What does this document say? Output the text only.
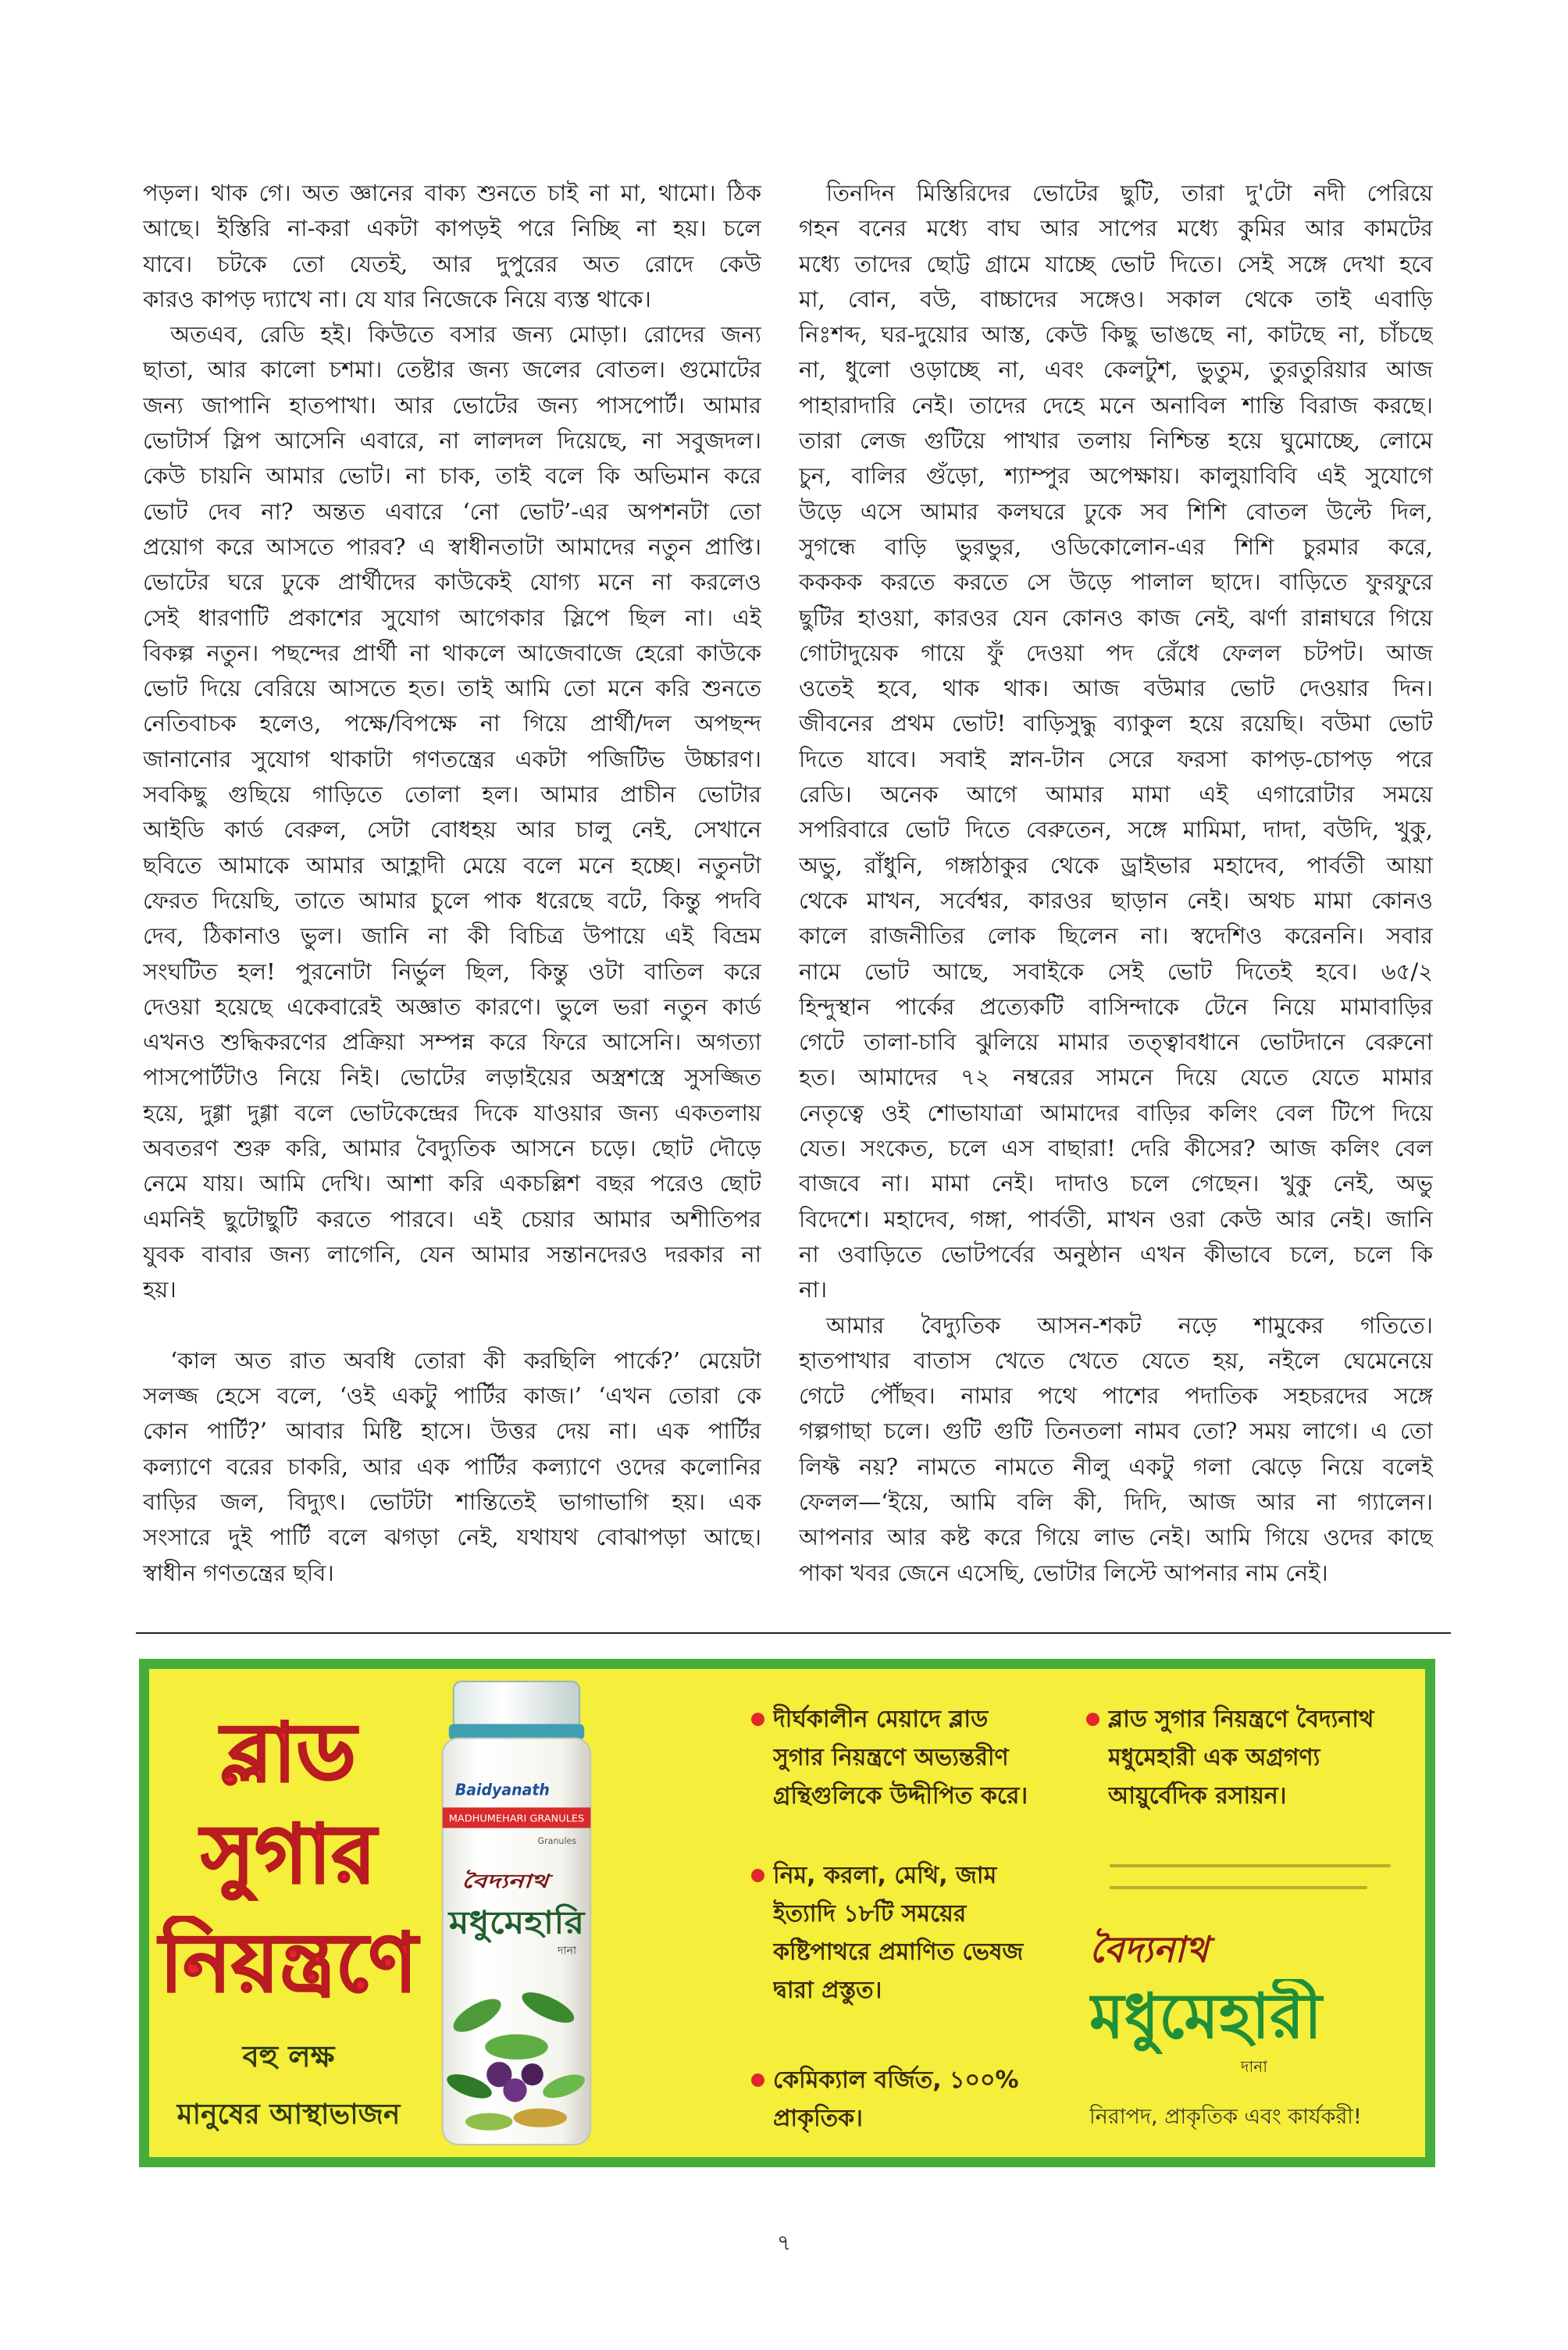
পড়ল। থাক গে। অত জ্ঞানের বাক্য শুনতে চাই না মা, থামো। ঠিক
আছে। ইস্তিরি না-করা একটা কাপড়ই পরে নিচ্ছি না হয়। চলে
যাবে। চটকে তো যেতই, আর দুপুরের অত রোদে কেউ
কারও কাপড় দ্যাখে না। যে যার নিজেকে নিয়ে ব্যস্ত থাকে।
অতএব, রেডি হই। কিউতে বসার জন্য মোড়া। রোদের জন্য
ছাতা, আর কালো চশমা। তেষ্টার জন্য জলের বোতল। গুমোটের
জন্য জাপানি হাতপাখা। আর ভোটের জন্য পাসপোর্ট। আমার
ভোটার্স স্লিপ আসেনি এবারে, না লালদল দিয়েছে, না সবুজদল।
কেউ চায়নি আমার ভোট। না চাক, তাই বলে কি অভিমান করে
ভোট দেব না? অন্তত এবারে ‘নো ভোট’-এর অপশনটা তো
প্রয়োগ করে আসতে পারব? এ স্বাধীনতাটা আমাদের নতুন প্রাপ্তি।
ভোটের ঘরে ঢুকে প্রার্থীদের কাউকেই যোগ্য মনে না করলেও
সেই ধারণাটি প্রকাশের সুযোগ আগেকার স্লিপে ছিল না। এই
বিকল্প নতুন। পছন্দের প্রার্থী না থাকলে আজেবাজে হেরো কাউকে
ভোট দিয়ে বেরিয়ে আসতে হত। তাই আমি তো মনে করি শুনতে
নেতিবাচক হলেও, পক্ষে/বিপক্ষে না গিয়ে প্রার্থী/দল অপছন্দ
জানানোর সুযোগ থাকাটা গণতন্ত্রের একটা পজিটিভ উচ্চারণ।
সবকিছু গুছিয়ে গাড়িতে তোলা হল। আমার প্রাচীন ভোটার
আইডি কার্ড বেরুল, সেটা বোধহয় আর চালু নেই, সেখানে
ছবিতে আমাকে আমার আহ্লাদী মেয়ে বলে মনে হচ্ছে। নতুনটা
ফেরত দিয়েছি, তাতে আমার চুলে পাক ধরেছে বটে, কিন্তু পদবি
দেব, ঠিকানাও ভুল। জানি না কী বিচিত্র উপায়ে এই বিভ্রম
সংঘটিত হল! পুরনোটা নির্ভুল ছিল, কিন্তু ওটা বাতিল করে
দেওয়া হয়েছে একেবারেই অজ্ঞাত কারণে। ভুলে ভরা নতুন কার্ড
এখনও শুদ্ধিকরণের প্রক্রিয়া সম্পন্ন করে ফিরে আসেনি। অগত্যা
পাসপোর্টটাও নিয়ে নিই। ভোটের লড়াইয়ের অস্ত্রশস্ত্রে সুসজ্জিত
হয়ে, দুগ্গা দুগ্গা বলে ভোটকেন্দ্রের দিকে যাওয়ার জন্য একতলায়
অবতরণ শুরু করি, আমার বৈদ্যুতিক আসনে চড়ে। ছোট দৌড়ে
নেমে যায়। আমি দেখি। আশা করি একচল্লিশ বছর পরেও ছোট
এমনিই ছুটোছুটি করতে পারবে। এই চেয়ার আমার অশীতিপর
যুবক বাবার জন্য লাগেনি, যেন আমার সন্তানদেরও দরকার না
হয়।
‘কাল অত রাত অবধি তোরা কী করছিলি পার্কে?’ মেয়েটা
সলজ্জ হেসে বলে, ‘ওই একটু পার্টির কাজ।’ ‘এখন তোরা কে
কোন পার্টি?’ আবার মিষ্টি হাসে। উত্তর দেয় না। এক পার্টির
কল্যাণে বরের চাকরি, আর এক পার্টির কল্যাণে ওদের কলোনির
বাড়ির জল, বিদ্যুৎ। ভোটটা শান্তিতেই ভাগাভাগি হয়। এক
সংসারে দুই পার্টি বলে ঝগড়া নেই, যথাযথ বোঝাপড়া আছে।
স্বাধীন গণতন্ত্রের ছবি।
তিনদিন মিস্তিরিদের ভোটের ছুটি, তারা দু'টো নদী পেরিয়ে
গহন বনের মধ্যে বাঘ আর সাপের মধ্যে কুমির আর কামটের
মধ্যে তাদের ছোট্ট গ্রামে যাচ্ছে ভোট দিতে। সেই সঙ্গে দেখা হবে
মা, বোন, বউ, বাচ্চাদের সঙ্গেও। সকাল থেকে তাই এবাড়ি
নিঃশব্দ, ঘর-দুয়োর আস্ত, কেউ কিছু ভাঙছে না, কাটছে না, চাঁচছে
না, ধুলো ওড়াচ্ছে না, এবং কেলটুশ, ভুতুম, তুরতুরিয়ার আজ
পাহারাদারি নেই। তাদের দেহে মনে অনাবিল শান্তি বিরাজ করছে।
তারা লেজ গুটিয়ে পাখার তলায় নিশ্চিন্ত হয়ে ঘুমোচ্ছে, লোমে
চুন, বালির গুঁড়ো, শ্যাম্পুর অপেক্ষায়। কালুয়াবিবি এই সুযোগে
উড়ে এসে আমার কলঘরে ঢুকে সব শিশি বোতল উল্টে দিল,
সুগন্ধে বাড়ি ভুরভুর, ওডিকোলোন-এর শিশি চুরমার করে,
কককক করতে করতে সে উড়ে পালাল ছাদে। বাড়িতে ফুরফুরে
ছুটির হাওয়া, কারওর যেন কোনও কাজ নেই, ঝর্ণা রান্নাঘরে গিয়ে
গোটাদুয়েক গায়ে ফুঁ দেওয়া পদ রেঁধে ফেলল চটপট। আজ
ওতেই হবে, থাক থাক। আজ বউমার ভোট দেওয়ার দিন।
জীবনের প্রথম ভোট! বাড়িসুদ্ধু ব্যাকুল হয়ে রয়েছি। বউমা ভোট
দিতে যাবে। সবাই স্নান-টান সেরে ফরসা কাপড়-চোপড় পরে
রেডি। অনেক আগে আমার মামা এই এগারোটার সময়ে
সপরিবারে ভোট দিতে বেরুতেন, সঙ্গে মামিমা, দাদা, বউদি, খুকু,
অভু, রাঁধুনি, গঙ্গাঠাকুর থেকে ড্রাইভার মহাদেব, পার্বতী আয়া
থেকে মাখন, সর্বেশ্বর, কারওর ছাড়ান নেই। অথচ মামা কোনও
কালে রাজনীতির লোক ছিলেন না। স্বদেশিও করেননি। সবার
নামে ভোট আছে, সবাইকে সেই ভোট দিতেই হবে। ৬৫/২
হিন্দুস্থান পার্কের প্রত্যেকটি বাসিন্দাকে টেনে নিয়ে মামাবাড়ির
গেটে তালা-চাবি ঝুলিয়ে মামার তত্ত্বাবধানে ভোটদানে বেরুনো
হত। আমাদের ৭২ নম্বরের সামনে দিয়ে যেতে যেতে মামার
নেতৃত্বে ওই শোভাযাত্রা আমাদের বাড়ির কলিং বেল টিপে দিয়ে
যেত। সংকেত, চলে এস বাছারা! দেরি কীসের? আজ কলিং বেল
বাজবে না। মামা নেই। দাদাও চলে গেছেন। খুকু নেই, অভু
বিদেশে। মহাদেব, গঙ্গা, পার্বতী, মাখন ওরা কেউ আর নেই। জানি
না ওবাড়িতে ভোটপর্বের অনুষ্ঠান এখন কীভাবে চলে, চলে কি
না।
আমার বৈদ্যুতিক আসন-শকট নড়ে শামুকের গতিতে।
হাতপাখার বাতাস খেতে খেতে যেতে হয়, নইলে ঘেমেনেয়ে
গেটে পৌঁছব। নামার পথে পাশের পদাতিক সহচরদের সঙ্গে
গল্পগাছা চলে। গুটি গুটি তিনতলা নামব তো? সময় লাগে। এ তো
লিফ্ট নয়? নামতে নামতে নীলু একটু গলা ঝেড়ে নিয়ে বলেই
ফেলল—‘ইয়ে, আমি বলি কী, দিদি, আজ আর না গ্যালেন।
আপনার আর কষ্ট করে গিয়ে লাভ নেই। আমি গিয়ে ওদের কাছে
পাকা খবর জেনে এসেছি, ভোটার লিস্টে আপনার নাম নেই।
ব্লাড
সুগার
নিয়ন্ত্রণে
বহু লক্ষ
মানুষের আস্থাভাজন
Baidyanath
MADHUMEHARI GRANULES
Granules
বৈদ্যনাথ
মধুমেহারি
দানা
দীর্ঘকালীন মেয়াদে ব্লাড
সুগার নিয়ন্ত্রণে অভ্যন্তরীণ
গ্রন্থিগুলিকে উদ্দীপিত করে।
নিম, করলা, মেথি, জাম
ইত্যাদি ১৮টি সময়ের
কষ্টিপাথরে প্রমাণিত ভেষজ
দ্বারা প্রস্তুত।
কেমিক্যাল বর্জিত, ১০০%
প্রাকৃতিক।
ব্লাড সুগার নিয়ন্ত্রণে বৈদ্যনাথ
মধুমেহারী এক অগ্রগণ্য
আয়ুর্বেদিক রসায়ন।
বৈদ্যনাথ
মধুমেহারী
দানা
নিরাপদ, প্রাকৃতিক এবং কার্যকরী!
৭
